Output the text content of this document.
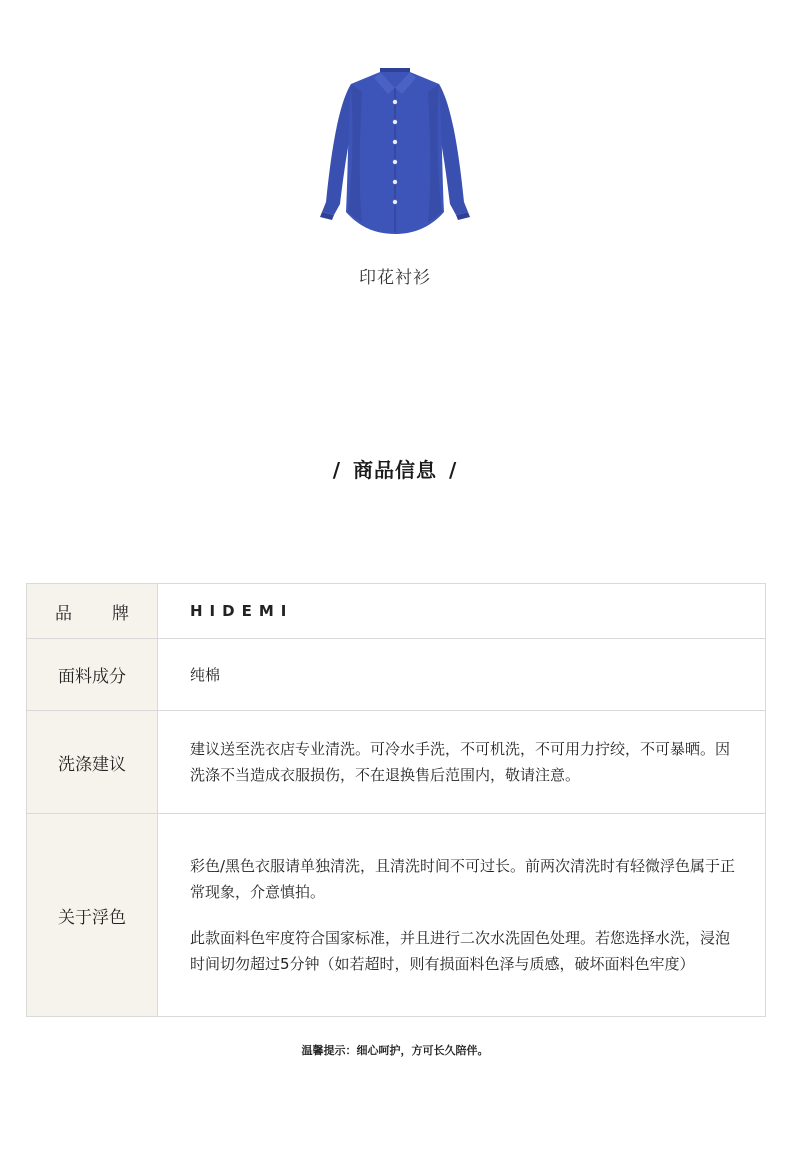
印花衬衫
/ 商品信息 /
品 牌	HIDEMI
面料成分	纯棉
洗涤建议	建议送至洗衣店专业清洗。可冷水手洗，不可机洗，不可用力拧绞，不可暴晒。因洗涤不当造成衣服损伤，不在退换售后范围内，敬请注意。
关于浮色	彩色/黑色衣服请单独清洗，且清洗时间不可过长。前两次清洗时有轻微浮色属于正常现象，介意慎拍。
此款面料色牢度符合国家标准，并且进行二次水洗固色处理。若您选择水洗，浸泡时间切勿超过5分钟（如若超时，则有损面料色泽与质感，破坏面料色牢度）
温馨提示：细心呵护，方可长久陪伴。
